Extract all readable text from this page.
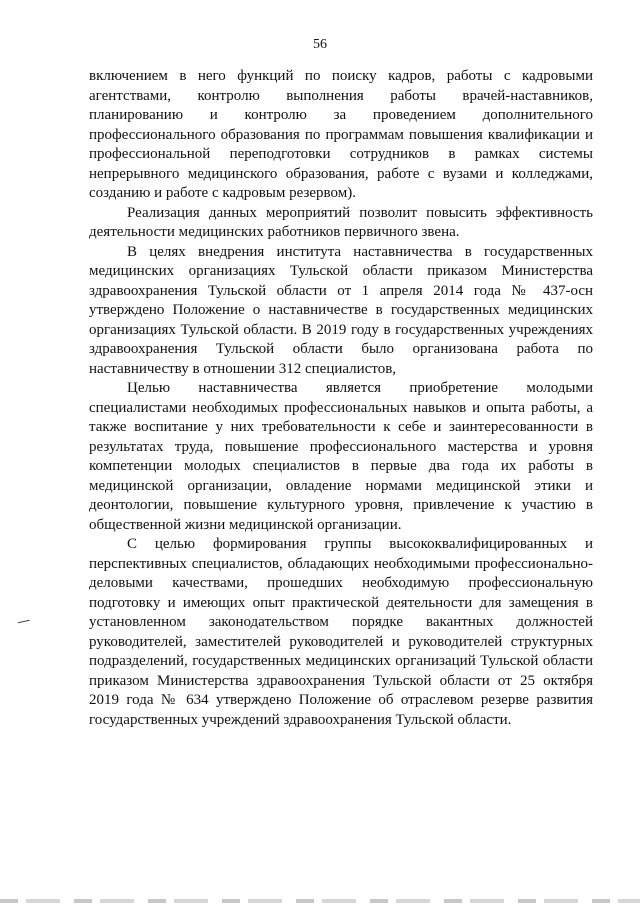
56

включением в него функций по поиску кадров, работы с кадровыми агентствами, контролю выполнения работы врачей-наставников, планированию и контролю за проведением дополнительного профессионального образования по программам повышения квалификации и профессиональной переподготовки сотрудников в рамках системы непрерывного медицинского образования, работе с вузами и колледжами, созданию и работе с кадровым резервом).

Реализация данных мероприятий позволит повысить эффективность деятельности медицинских работников первичного звена.

В целях внедрения института наставничества в государственных медицинских организациях Тульской области приказом Министерства здравоохранения Тульской области от 1 апреля 2014 года № 437-осн утверждено Положение о наставничестве в государственных медицинских организациях Тульской области. В 2019 году в государственных учреждениях здравоохранения Тульской области было организована работа по наставничеству в отношении 312 специалистов,

Целью наставничества является приобретение молодыми специалистами необходимых профессиональных навыков и опыта работы, а также воспитание у них требовательности к себе и заинтересованности в результатах труда, повышение профессионального мастерства и уровня компетенции молодых специалистов в первые два года их работы в медицинской организации, овладение нормами медицинской этики и деонтологии, повышение культурного уровня, привлечение к участию в общественной жизни медицинской организации.

С целью формирования группы высококвалифицированных и перспективных специалистов, обладающих необходимыми профессионально-деловыми качествами, прошедших необходимую профессиональную подготовку и имеющих опыт практической деятельности для замещения в установленном законодательством порядке вакантных должностей руководителей, заместителей руководителей и руководителей структурных подразделений, государственных медицинских организаций Тульской области приказом Министерства здравоохранения Тульской области от 25 октября 2019 года № 634 утверждено Положение об отраслевом резерве развития государственных учреждений здравоохранения Тульской области.
